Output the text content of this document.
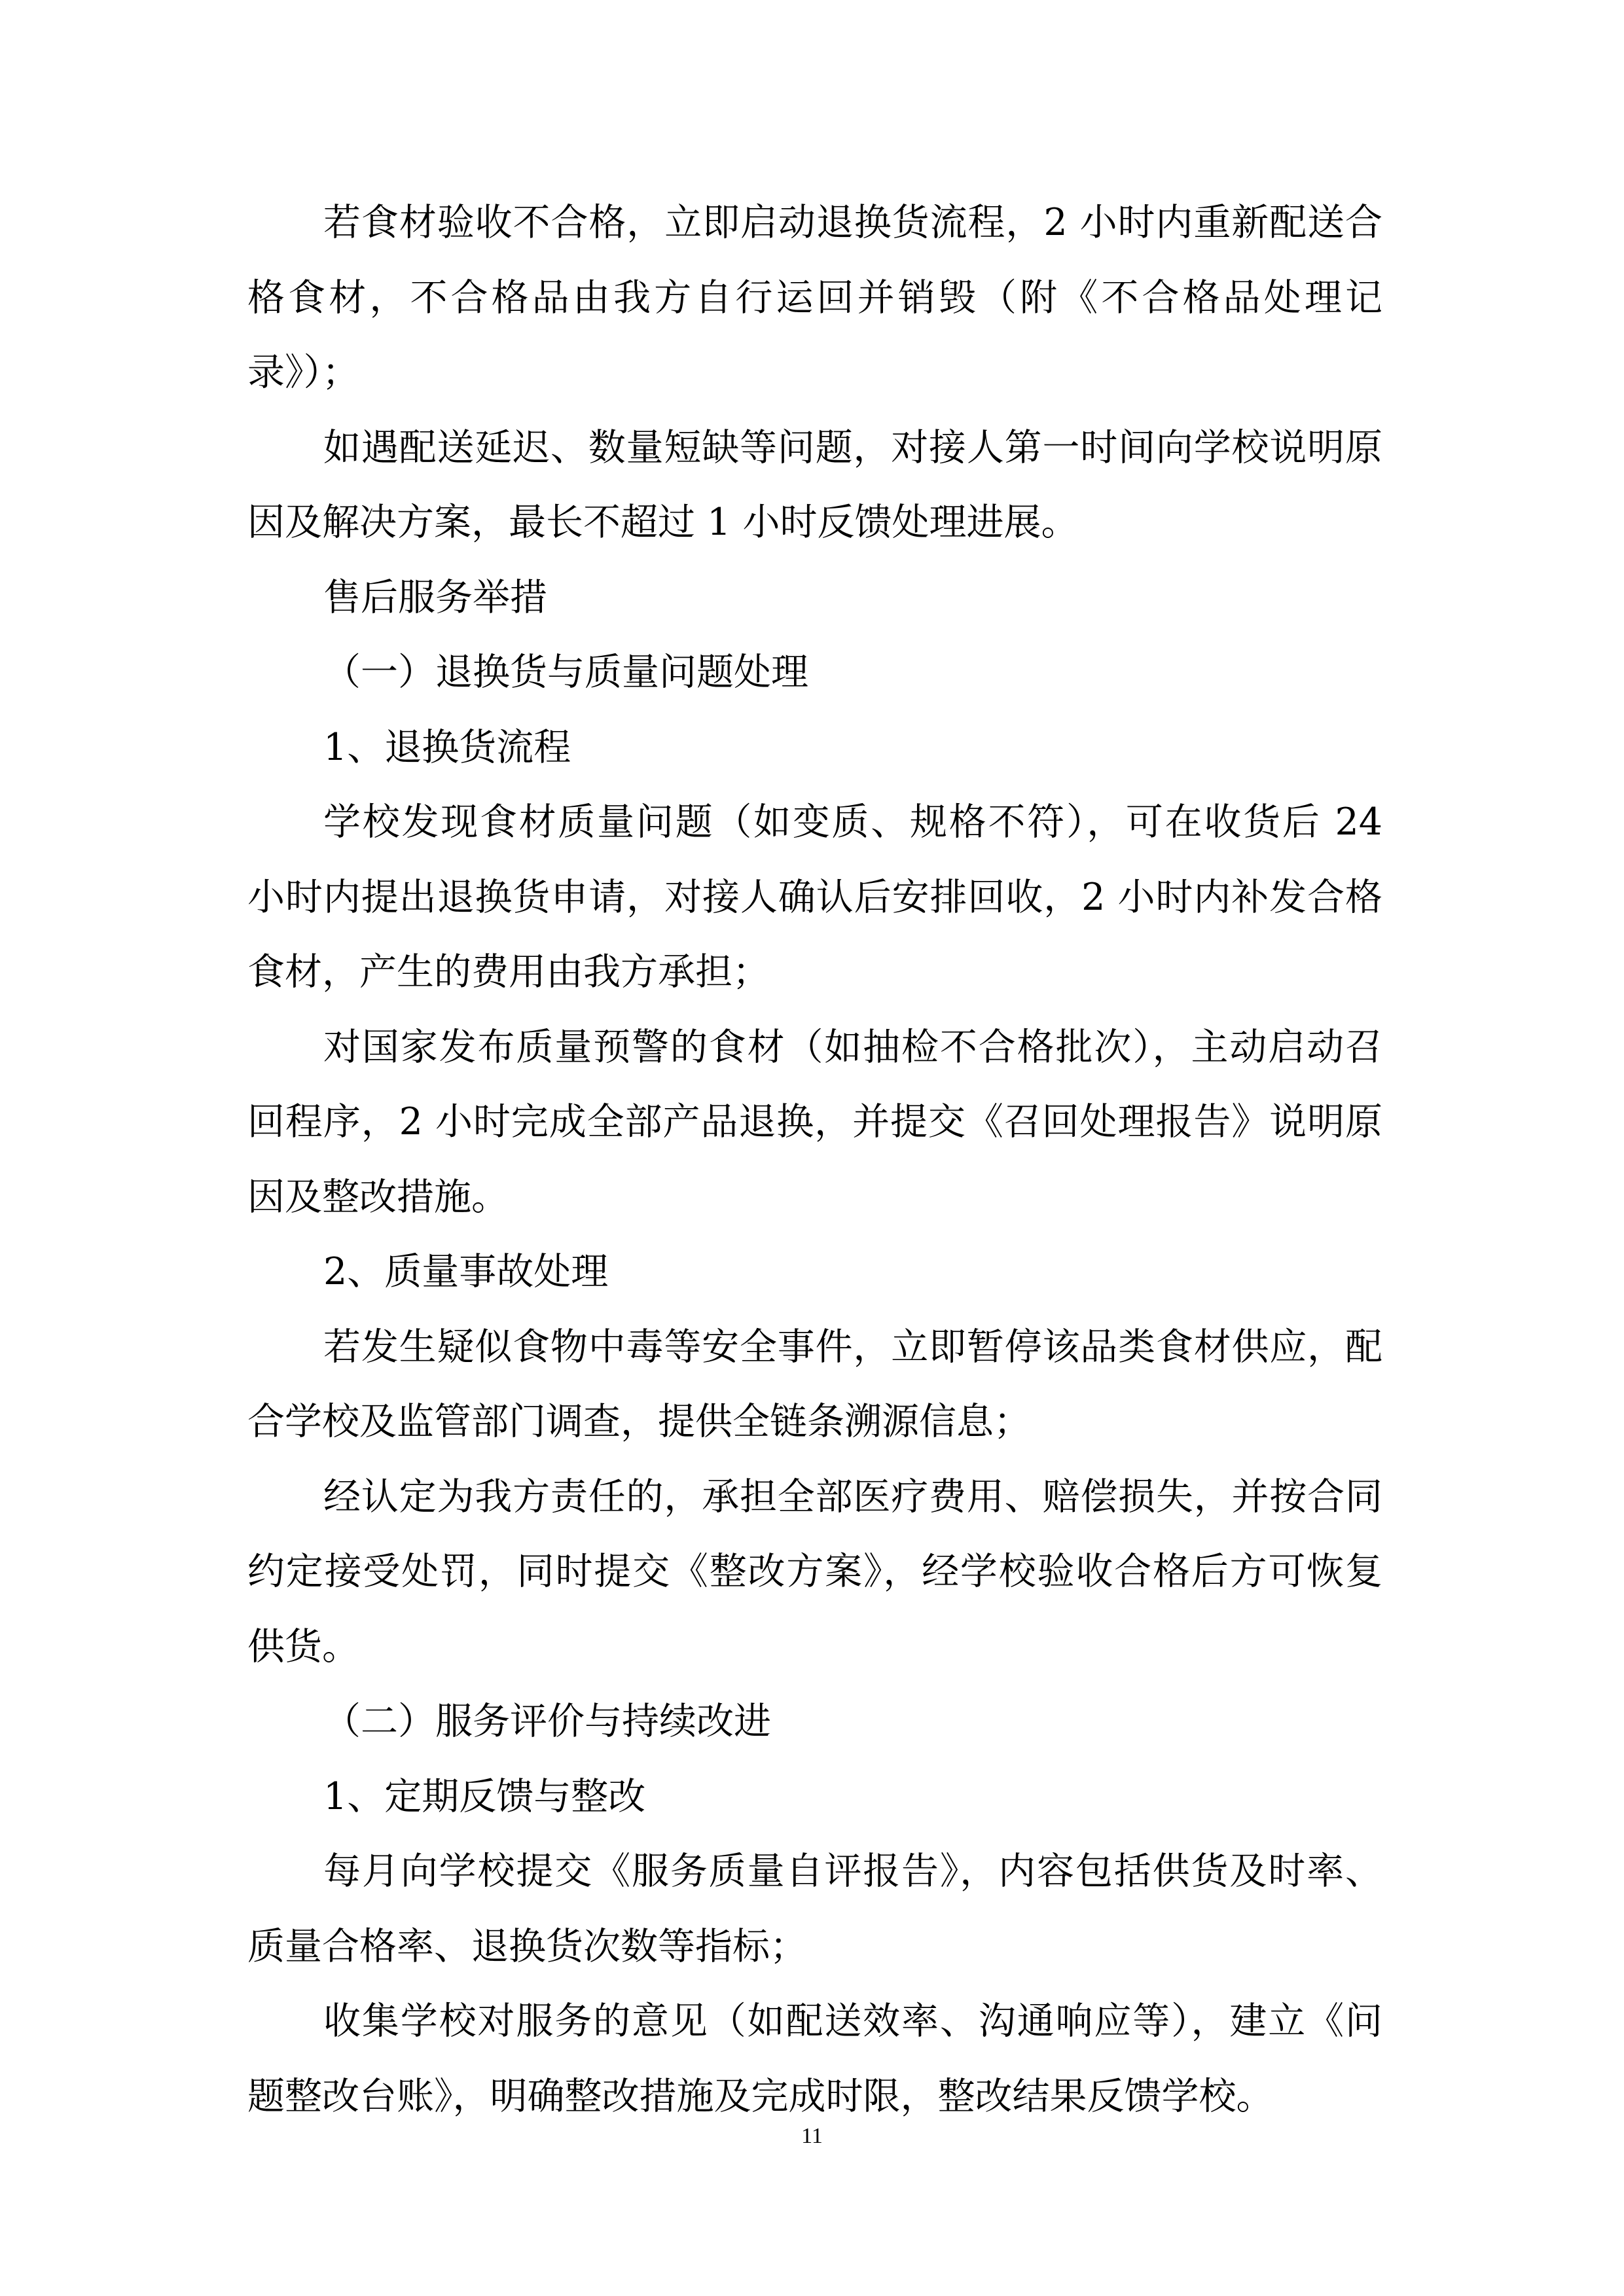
若食材验收不合格，立即启动退换货流程，2 小时内重新配送合格食材，不合格品由我方自行运回并销毁（附《不合格品处理记录》）；

如遇配送延迟、数量短缺等问题，对接人第一时间向学校说明原因及解决方案，最长不超过 1 小时反馈处理进展。

售后服务举措

（一）退换货与质量问题处理

1、退换货流程

学校发现食材质量问题（如变质、规格不符），可在收货后 24 小时内提出退换货申请，对接人确认后安排回收，2 小时内补发合格食材，产生的费用由我方承担；

对国家发布质量预警的食材（如抽检不合格批次），主动启动召回程序，2 小时完成全部产品退换，并提交《召回处理报告》说明原因及整改措施。

2、质量事故处理

若发生疑似食物中毒等安全事件，立即暂停该品类食材供应，配合学校及监管部门调查，提供全链条溯源信息；

经认定为我方责任的，承担全部医疗费用、赔偿损失，并按合同约定接受处罚，同时提交《整改方案》，经学校验收合格后方可恢复供货。

（二）服务评价与持续改进

1、定期反馈与整改

每月向学校提交《服务质量自评报告》，内容包括供货及时率、质量合格率、退换货次数等指标；

收集学校对服务的意见（如配送效率、沟通响应等），建立《问题整改台账》，明确整改措施及完成时限，整改结果反馈学校。

11
